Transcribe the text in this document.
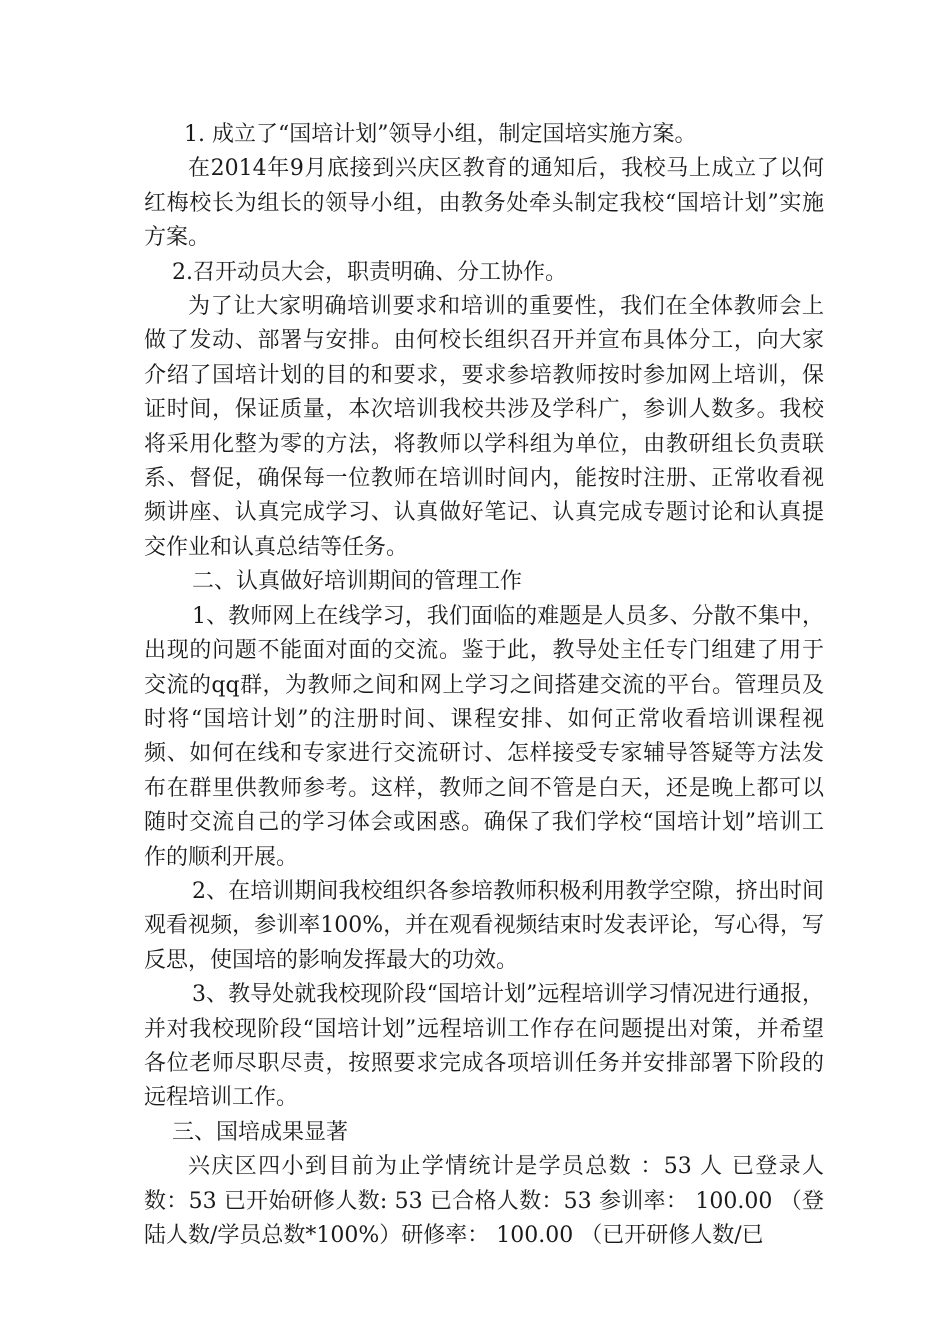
1. 成立了“国培计划”领导小组，制定国培实施方案。

在2014年9月底接到兴庆区教育的通知后，我校马上成立了以何红梅校长为组长的领导小组，由教务处牵头制定我校“国培计划”实施方案。

2.召开动员大会，职责明确、分工协作。

为了让大家明确培训要求和培训的重要性，我们在全体教师会上做了发动、部署与安排。由何校长组织召开并宣布具体分工，向大家介绍了国培计划的目的和要求，要求参培教师按时参加网上培训，保证时间，保证质量，本次培训我校共涉及学科广，参训人数多。我校将采用化整为零的方法，将教师以学科组为单位，由教研组长负责联系、督促，确保每一位教师在培训时间内，能按时注册、正常收看视频讲座、认真完成学习、认真做好笔记、认真完成专题讨论和认真提交作业和认真总结等任务。

二、认真做好培训期间的管理工作

1、教师网上在线学习，我们面临的难题是人员多、分散不集中，出现的问题不能面对面的交流。鉴于此，教导处主任专门组建了用于交流的qq群，为教师之间和网上学习之间搭建交流的平台。管理员及时将“国培计划”的注册时间、课程安排、如何正常收看培训课程视频、如何在线和专家进行交流研讨、怎样接受专家辅导答疑等方法发布在群里供教师参考。这样，教师之间不管是白天，还是晚上都可以随时交流自己的学习体会或困惑。确保了我们学校“国培计划”培训工作的顺利开展。

2、在培训期间我校组织各参培教师积极利用教学空隙，挤出时间观看视频，参训率100%，并在观看视频结束时发表评论，写心得，写反思，使国培的影响发挥最大的功效。

3、教导处就我校现阶段“国培计划”远程培训学习情况进行通报，并对我校现阶段“国培计划”远程培训工作存在问题提出对策，并希望各位老师尽职尽责，按照要求完成各项培训任务并安排部署下阶段的远程培训工作。

三、国培成果显著

兴庆区四小到目前为止学情统计是学员总数 ：53 人 已登录人数：53 已开始研修人数: 53 已合格人数：53 参训率： 100.00 （登陆人数/学员总数*100%）研修率： 100.00 （已开研修人数/已
